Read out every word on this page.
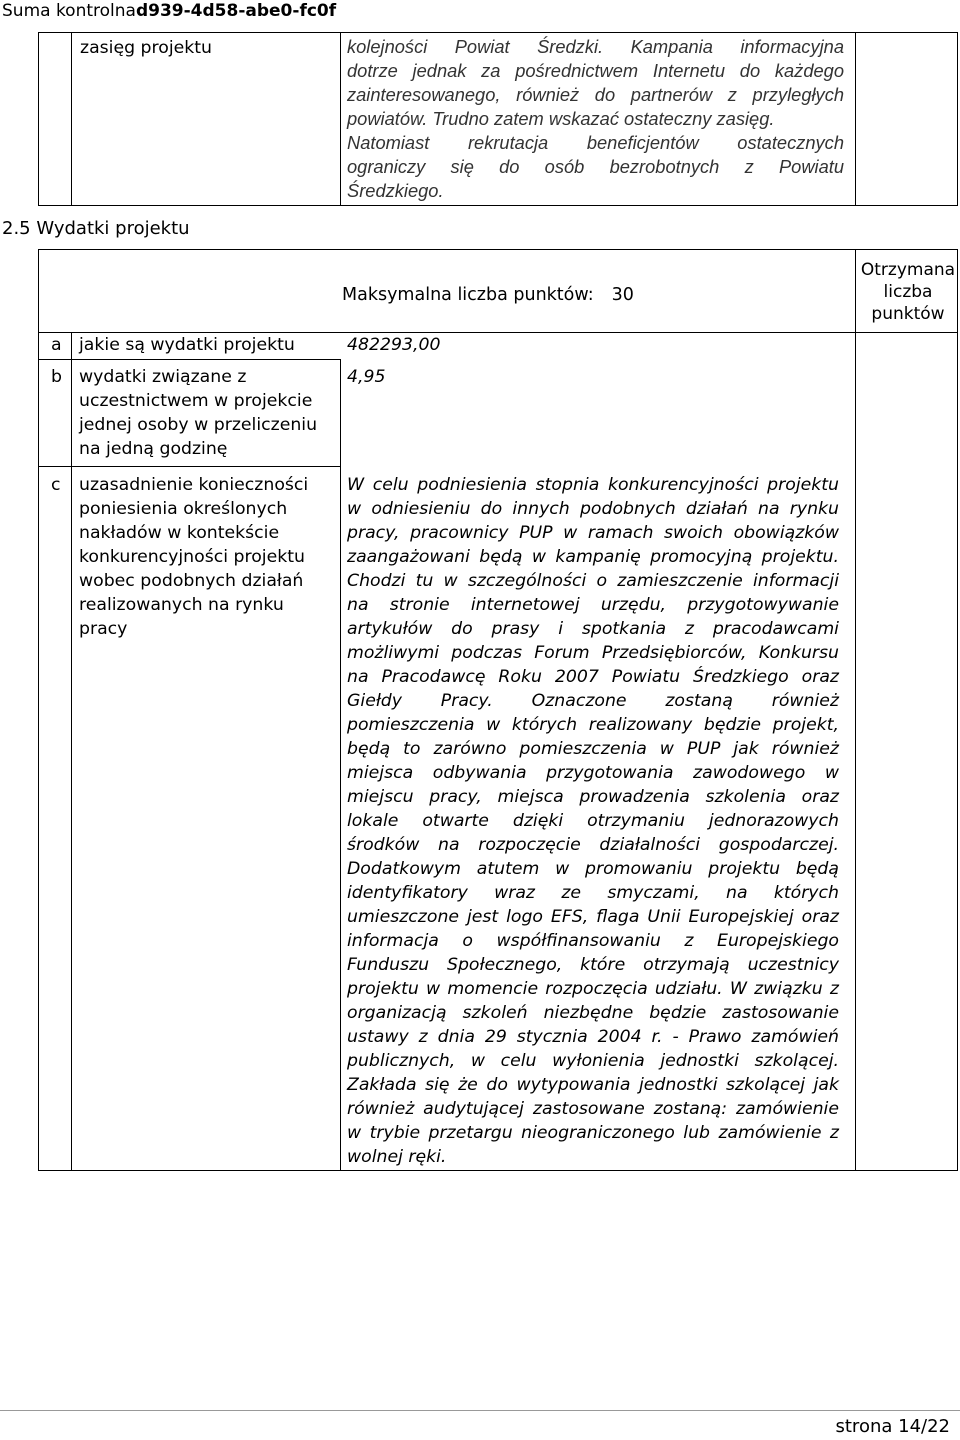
Suma kontrolnad939-4d58-abe0-fc0f
zasięg projektu	kolejności Powiat Średzki. Kampania informacyjna
dotrze jednak za pośrednictwem Internetu do każdego
zainteresowanego, również do partnerów z przyległych
powiatów. Trudno zatem wskazać ostateczny zasięg.
Natomiast rekrutacja beneficjentów ostatecznych
ograniczy się do osób bezrobotnych z Powiatu
Średzkiego.
2.5 Wydatki projektu
Maksymalna liczba punktów: 30
Otrzymana
liczba
punktów
a jakie są wydatki projektu	482293,00
b wydatki związane z
uczestnictwem w projekcie
jednej osoby w przeliczeniu
na jedną godzinę
4,95
c uzasadnienie konieczności
poniesienia określonych
nakładów w kontekście
konkurencyjności projektu
wobec podobnych działań
realizowanych na rynku
pracy
W celu podniesienia stopnia konkurencyjności projektu
w odniesieniu do innych podobnych działań na rynku
pracy, pracownicy PUP w ramach swoich obowiązków
zaangażowani będą w kampanię promocyjną projektu.
Chodzi tu w szczególności o zamieszczenie informacji
na stronie internetowej urzędu, przygotowywanie
artykułów do prasy i spotkania z pracodawcami
możliwymi podczas Forum Przedsiębiorców, Konkursu
na Pracodawcę Roku 2007 Powiatu Średzkiego oraz
Giełdy Pracy. Oznaczone zostaną również
pomieszczenia w których realizowany będzie projekt,
będą to zarówno pomieszczenia w PUP jak również
miejsca odbywania przygotowania zawodowego w
miejscu pracy, miejsca prowadzenia szkolenia oraz
lokale otwarte dzięki otrzymaniu jednorazowych
środków na rozpoczęcie działalności gospodarczej.
Dodatkowym atutem w promowaniu projektu będą
identyfikatory wraz ze smyczami, na których
umieszczone jest logo EFS, flaga Unii Europejskiej oraz
informacja o współfinansowaniu z Europejskiego
Funduszu Społecznego, które otrzymają uczestnicy
projektu w momencie rozpoczęcia udziału. W związku z
organizacją szkoleń niezbędne będzie zastosowanie
ustawy z dnia 29 stycznia 2004 r. - Prawo zamówień
publicznych, w celu wyłonienia jednostki szkolącej.
Zakłada się że do wytypowania jednostki szkolącej jak
również audytującej zastosowane zostaną: zamówienie
w trybie przetargu nieograniczonego lub zamówienie z
wolnej ręki.
strona 14/22
